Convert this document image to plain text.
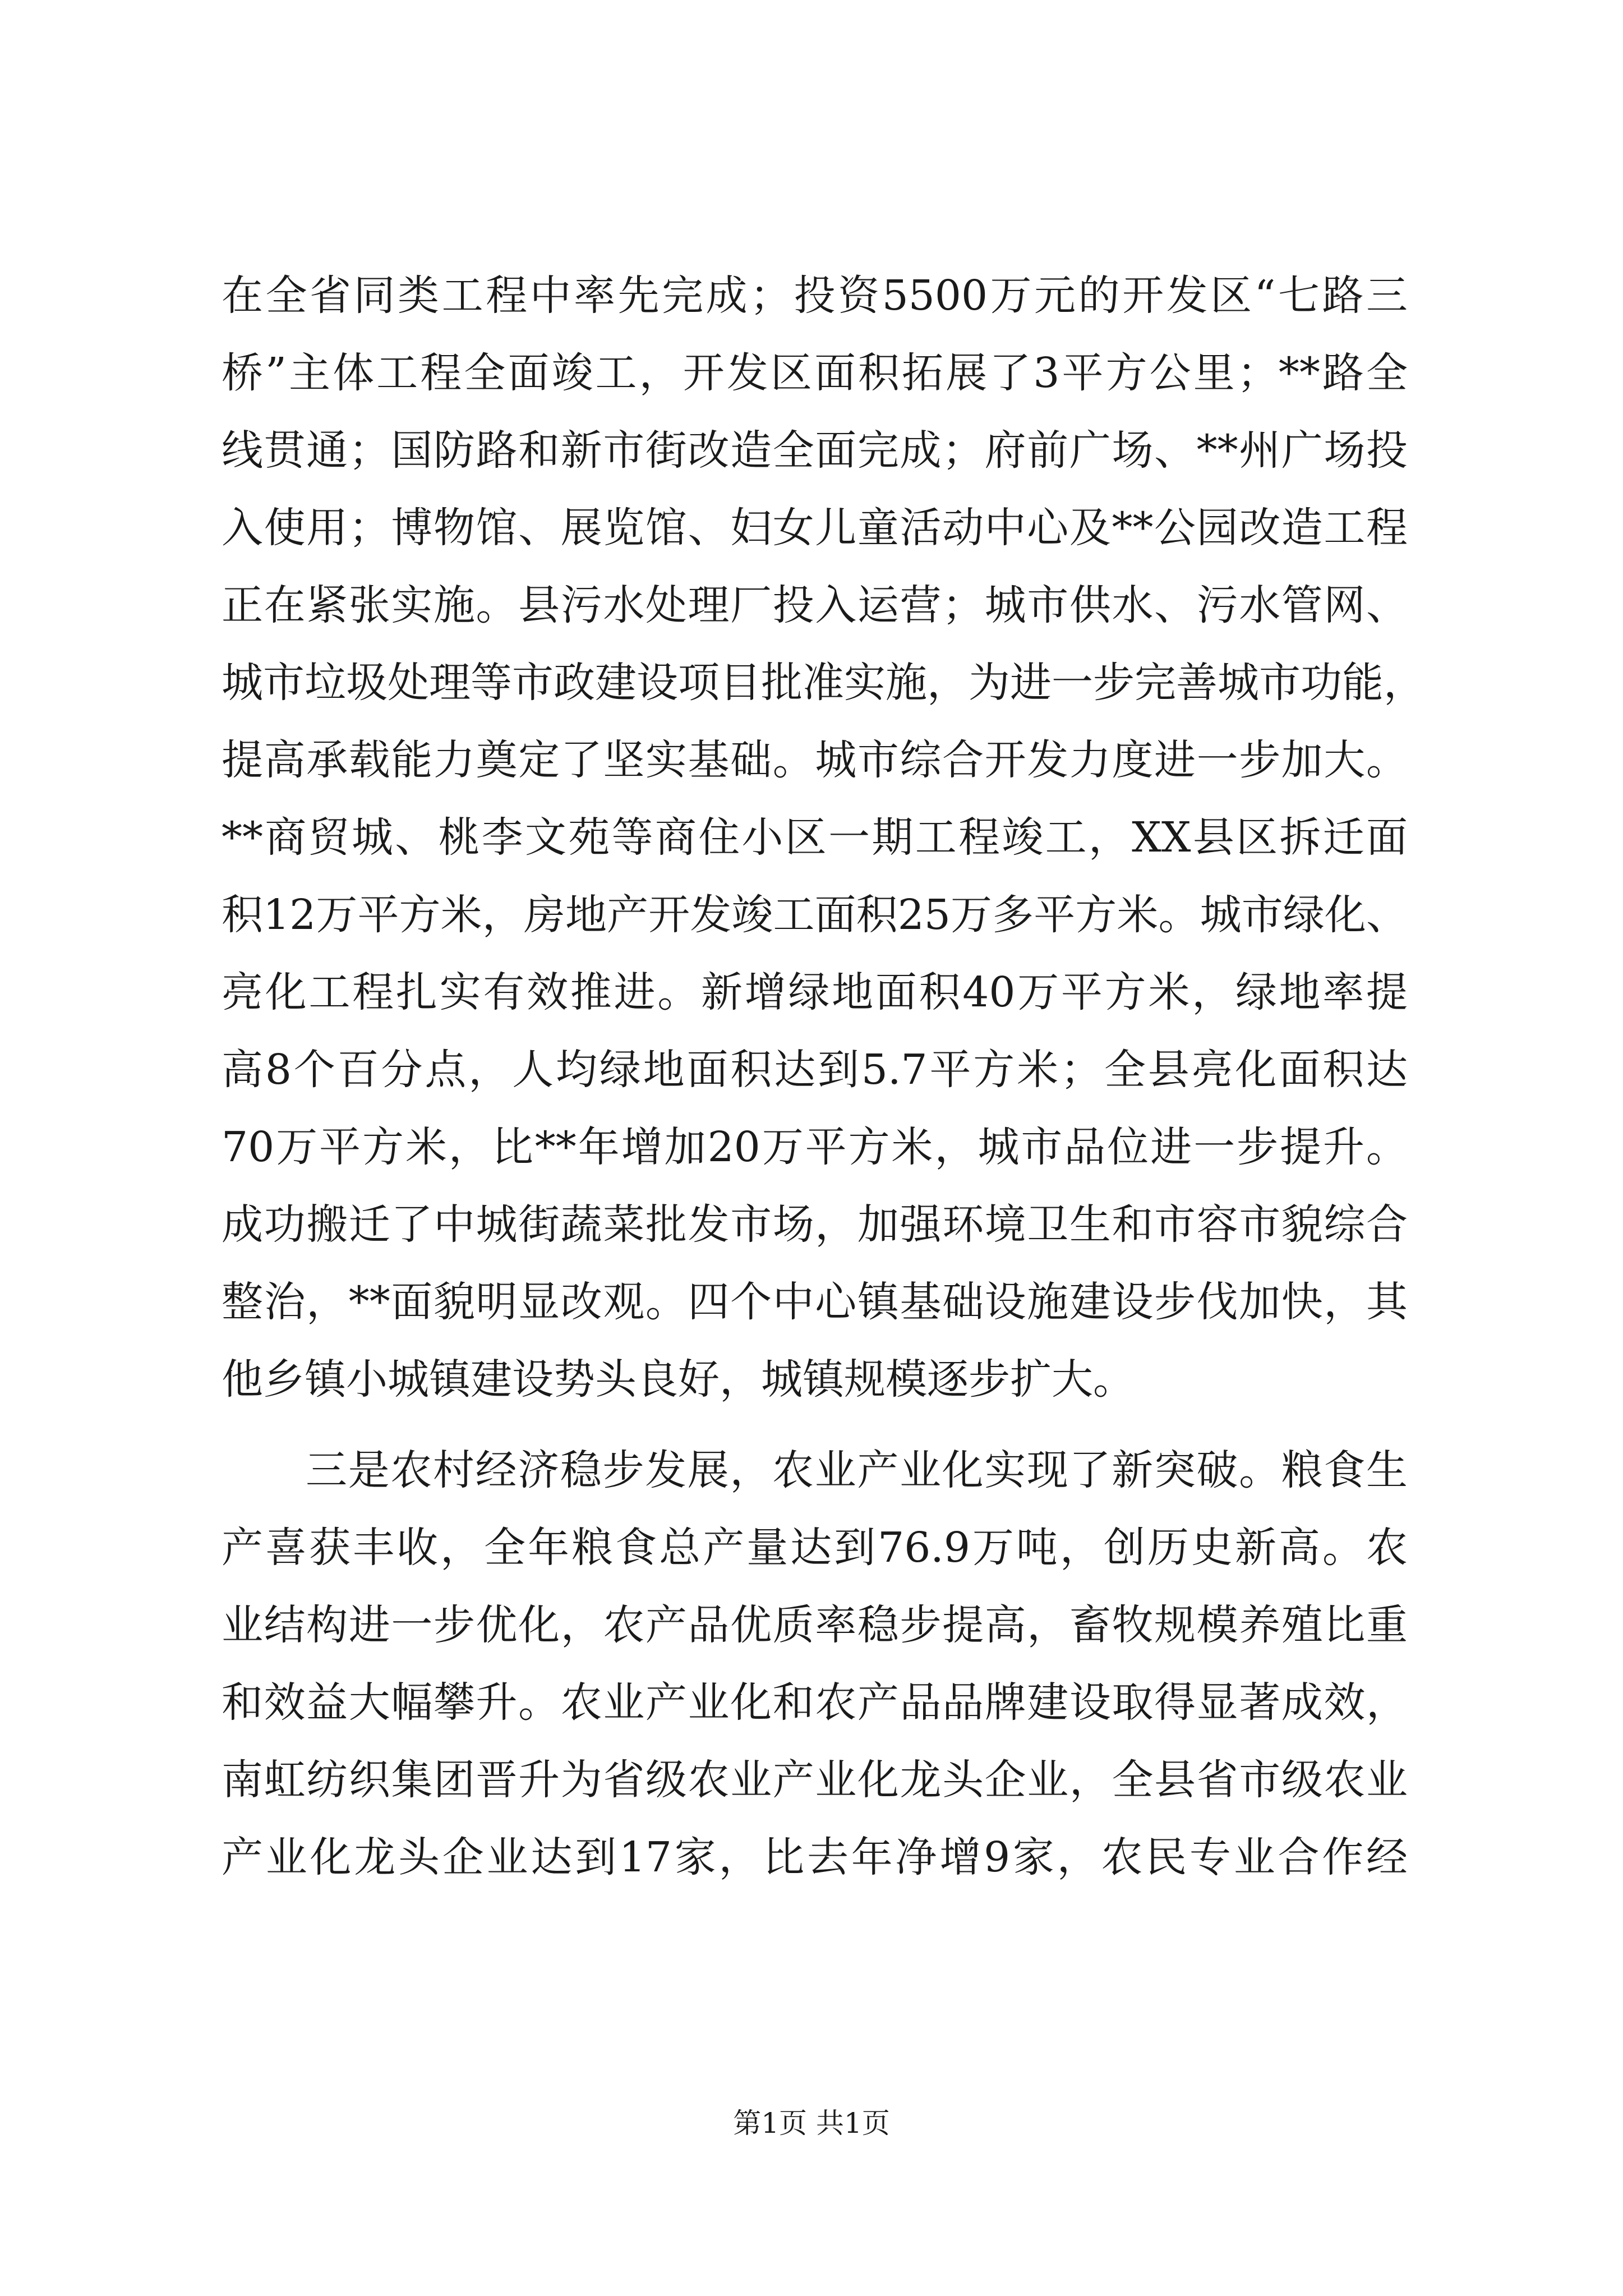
在全省同类工程中率先完成；投资5500万元的开发区“七路三
桥”主体工程全面竣工，开发区面积拓展了3平方公里；**路全
线贯通；国防路和新市街改造全面完成；府前广场、**州广场投
入使用；博物馆、展览馆、妇女儿童活动中心及**公园改造工程
正在紧张实施。县污水处理厂投入运营；城市供水、污水管网、
城市垃圾处理等市政建设项目批准实施，为进一步完善城市功能，
提高承载能力奠定了坚实基础。城市综合开发力度进一步加大。
**商贸城、桃李文苑等商住小区一期工程竣工，XX县区拆迁面
积12万平方米，房地产开发竣工面积25万多平方米。城市绿化、
亮化工程扎实有效推进。新增绿地面积40万平方米，绿地率提
高8个百分点，人均绿地面积达到5.7平方米；全县亮化面积达
70万平方米，比**年增加20万平方米，城市品位进一步提升。
成功搬迁了中城街蔬菜批发市场，加强环境卫生和市容市貌综合
整治，**面貌明显改观。四个中心镇基础设施建设步伐加快，其
他乡镇小城镇建设势头良好，城镇规模逐步扩大。
三是农村经济稳步发展，农业产业化实现了新突破。粮食生
产喜获丰收，全年粮食总产量达到76.9万吨，创历史新高。农
业结构进一步优化，农产品优质率稳步提高，畜牧规模养殖比重
和效益大幅攀升。农业产业化和农产品品牌建设取得显著成效，
南虹纺织集团晋升为省级农业产业化龙头企业，全县省市级农业
产业化龙头企业达到17家，比去年净增9家，农民专业合作经
第1页 共1页
